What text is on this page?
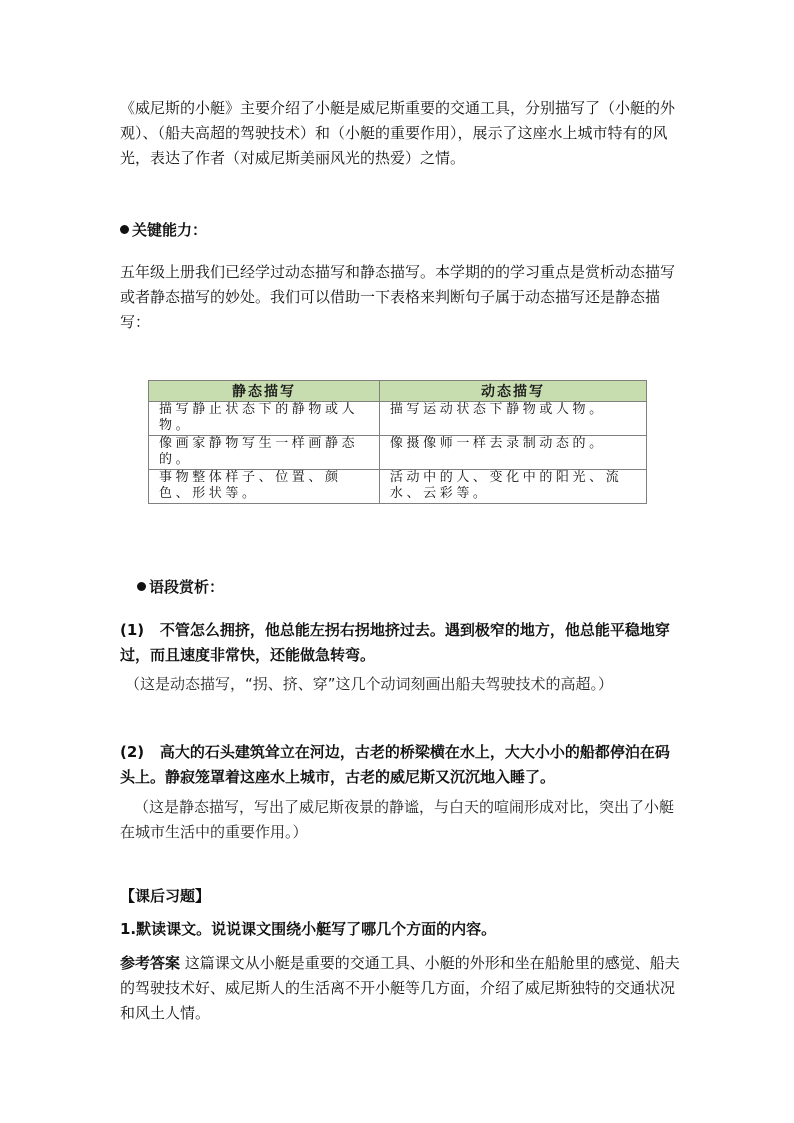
《威尼斯的小艇》主要介绍了小艇是威尼斯重要的交通工具，分别描写了（小艇的外观）、（船夫高超的驾驶技术）和（小艇的重要作用），展示了这座水上城市特有的风光，表达了作者（对威尼斯美丽风光的热爱）之情。

关键能力：

五年级上册我们已经学过动态描写和静态描写。本学期的的学习重点是赏析动态描写或者静态描写的妙处。我们可以借助一下表格来判断句子属于动态描写还是静态描写：

静态描写	动态描写
描写静止状态下的静物或人物。	描写运动状态下静物或人物。
像画家静物写生一样画静态的。	像摄像师一样去录制动态的。
事物整体样子、位置、颜色、形状等。	活动中的人、变化中的阳光、流水、云彩等。

语段赏析：

(1) 不管怎么拥挤，他总能左拐右拐地挤过去。遇到极窄的地方，他总能平稳地穿过，而且速度非常快，还能做急转弯。

（这是动态描写，“拐、挤、穿”这几个动词刻画出船夫驾驶技术的高超。）

(2) 高大的石头建筑耸立在河边，古老的桥梁横在水上，大大小小的船都停泊在码头上。静寂笼罩着这座水上城市，古老的威尼斯又沉沉地入睡了。

（这是静态描写，写出了威尼斯夜景的静谧，与白天的喧闹形成对比，突出了小艇在城市生活中的重要作用。）

【课后习题】

1.默读课文。说说课文围绕小艇写了哪几个方面的内容。

参考答案 这篇课文从小艇是重要的交通工具、小艇的外形和坐在船舱里的感觉、船夫的驾驶技术好、威尼斯人的生活离不开小艇等几方面，介绍了威尼斯独特的交通状况和风土人情。
